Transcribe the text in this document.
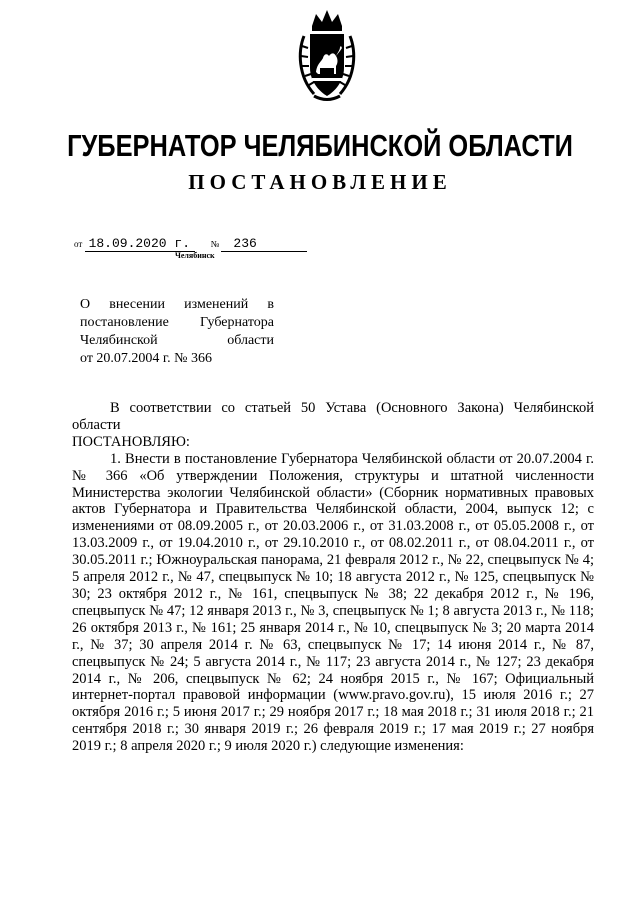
ГУБЕРНАТОР ЧЕЛЯБИНСКОЙ ОБЛАСТИ
ПОСТАНОВЛЕНИЕ
от 18.09.2020 г. № 236
Челябинск
О внесении изменений в
постановление Губернатора
Челябинской области
от 20.07.2004 г. № 366

В соответствии со статьей 50 Устава (Основного Закона) Челябинской области

ПОСТАНОВЛЯЮ:

1. Внести в постановление Губернатора Челябинской области от 20.07.2004 г. № 366 «Об утверждении Положения, структуры и штатной численности Министерства экологии Челябинской области» (Сборник нормативных правовых актов Губернатора и Правительства Челябинской области, 2004, выпуск 12; с изменениями от 08.09.2005 г., от 20.03.2006 г., от 31.03.2008 г., от 05.05.2008 г., от 13.03.2009 г., от 19.04.2010 г., от 29.10.2010 г., от 08.02.2011 г., от 08.04.2011 г., от 30.05.2011 г.; Южноуральская панорама, 21 февраля 2012 г., № 22, спецвыпуск № 4; 5 апреля 2012 г., № 47, спецвыпуск № 10; 18 августа 2012 г., № 125, спецвыпуск № 30; 23 октября 2012 г., № 161, спецвыпуск № 38; 22 декабря 2012 г., № 196, спецвыпуск № 47; 12 января 2013 г., № 3, спецвыпуск № 1; 8 августа 2013 г., № 118; 26 октября 2013 г., № 161; 25 января 2014 г., № 10, спецвыпуск № 3; 20 марта 2014 г., № 37; 30 апреля 2014 г. № 63, спецвыпуск № 17; 14 июня 2014 г., № 87, спецвыпуск № 24; 5 августа 2014 г., № 117; 23 августа 2014 г., № 127; 23 декабря 2014 г., № 206, спецвыпуск № 62; 24 ноября 2015 г., № 167; Официальный интернет-портал правовой информации (www.pravo.gov.ru), 15 июля 2016 г.; 27 октября 2016 г.; 5 июня 2017 г.; 29 ноября 2017 г.; 18 мая 2018 г.; 31 июля 2018 г.; 21 сентября 2018 г.; 30 января 2019 г.; 26 февраля 2019 г.; 17 мая 2019 г.; 27 ноября 2019 г.; 8 апреля 2020 г.; 9 июля 2020 г.) следующие изменения:
